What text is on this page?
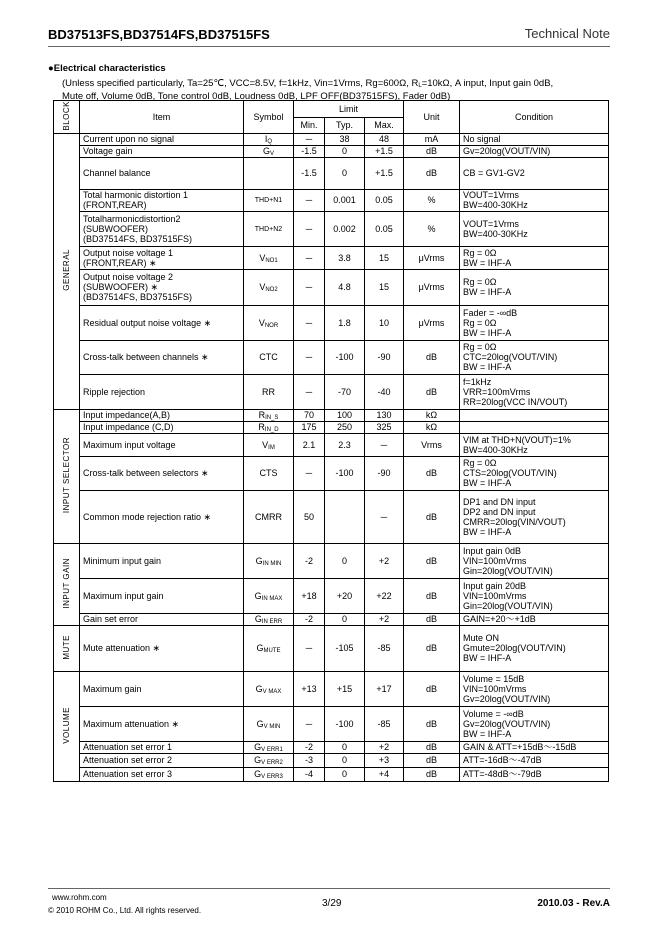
BD37513FS,BD37514FS,BD37515FS	Technical Note
●Electrical characteristics
(Unless specified particularly, Ta=25℃, VCC=8.5V, f=1kHz, Vin=1Vrms, Rg=600Ω, $R_L=10k\Omega$, A input, Input gain 0dB,
Mute off, Volume 0dB, Tone control 0dB, Loudness 0dB, LPF OFF(BD37515FS), Fader 0dB)
BLOCK	Item	Symbol	Limit			Unit	Condition
			Min.	Typ.	Max.		
GENERAL	Current upon no signal	$I_Q$	─	38	48	mA	No signal
	Voltage gain	$G_V$	-1.5	0	+1.5	dB	Gv=20log(VOUT/VIN)
	Channel balance		-1.5	0	+1.5	dB	CB = GV1-GV2
	Total harmonic distortion 1
(FRONT,REAR)	THD+N1	─	0.001	0.05	%	VOUT=1Vrms
BW=400-30KHz
	Totalharmonicdistortion2
(SUBWOOFER)
(BD37514FS, BD37515FS)	THD+N2	─	0.002	0.05	%	VOUT=1Vrms
BW=400-30KHz
	Output noise voltage 1
(FRONT,REAR) ∗	$V_{NO1}$	─	3.8	15	μVrms	Rg = 0Ω
BW = IHF-A
	Output noise voltage 2
(SUBWOOFER) ∗
(BD37514FS, BD37515FS)	$V_{NO2}$	─	4.8	15	μVrms	Rg = 0Ω
BW = IHF-A
	Residual output noise voltage ∗	$V_{NOR}$	─	1.8	10	μVrms	Fader = -∞dB
Rg = 0Ω
BW = IHF-A
	Cross-talk between channels ∗	CTC	─	-100	-90	dB	Rg = 0Ω
CTC=20log(VOUT/VIN)
BW = IHF-A
	Ripple rejection	RR	─	-70	-40	dB	f=1kHz
VRR=100mVrms
RR=20log(VCC IN/VOUT)
INPUT SELECTOR	Input impedance(A,B)	$R_{IN\_S}$	70	100	130	kΩ	
	Input impedance (C,D)	$R_{IN\_D}$	175	250	325	kΩ	
	Maximum input voltage	$V_{IM}$	2.1	2.3	─	Vrms	VIM at THD+N(VOUT)=1%
BW=400-30KHz
	Cross-talk between selectors ∗	CTS	─	-100	-90	dB	Rg = 0Ω
CTS=20log(VOUT/VIN)
BW = IHF-A
	Common mode rejection ratio ∗	CMRR	50		─	dB	DP1 and DN input
DP2 and DN input
CMRR=20log(VIN/VOUT)
BW = IHF-A
INPUT GAIN	Minimum input gain	$G_{IN MIN}$	-2	0	+2	dB	Input gain 0dB
VIN=100mVrms
Gin=20log(VOUT/VIN)
	Maximum input gain	$G_{IN MAX}$	+18	+20	+22	dB	Input gain 20dB
VIN=100mVrms
Gin=20log(VOUT/VIN)
	Gain set error	$G_{IN ERR}$	-2	0	+2	dB	GAIN=+20～+1dB
MUTE	Mute attenuation ∗	$G_{MUTE}$	─	-105	-85	dB	Mute ON
Gmute=20log(VOUT/VIN)
BW = IHF-A
VOLUME	Maximum gain	$G_{V MAX}$	+13	+15	+17	dB	Volume = 15dB
VIN=100mVrms
Gv=20log(VOUT/VIN)
	Maximum attenuation ∗	$G_{V MIN}$	─	-100	-85	dB	Volume = -∞dB
Gv=20log(VOUT/VIN)
BW = IHF-A
	Attenuation set error 1	$G_{V ERR1}$	-2	0	+2	dB	GAIN & ATT=+15dB～-15dB
	Attenuation set error 2	$G_{V ERR2}$	-3	0	+3	dB	ATT=-16dB～-47dB
	Attenuation set error 3	$G_{V ERR3}$	-4	0	+4	dB	ATT=-48dB～-79dB
www.rohm.com
© 2010 ROHM Co., Ltd. All rights reserved.
3/29	2010.03 - Rev.A
